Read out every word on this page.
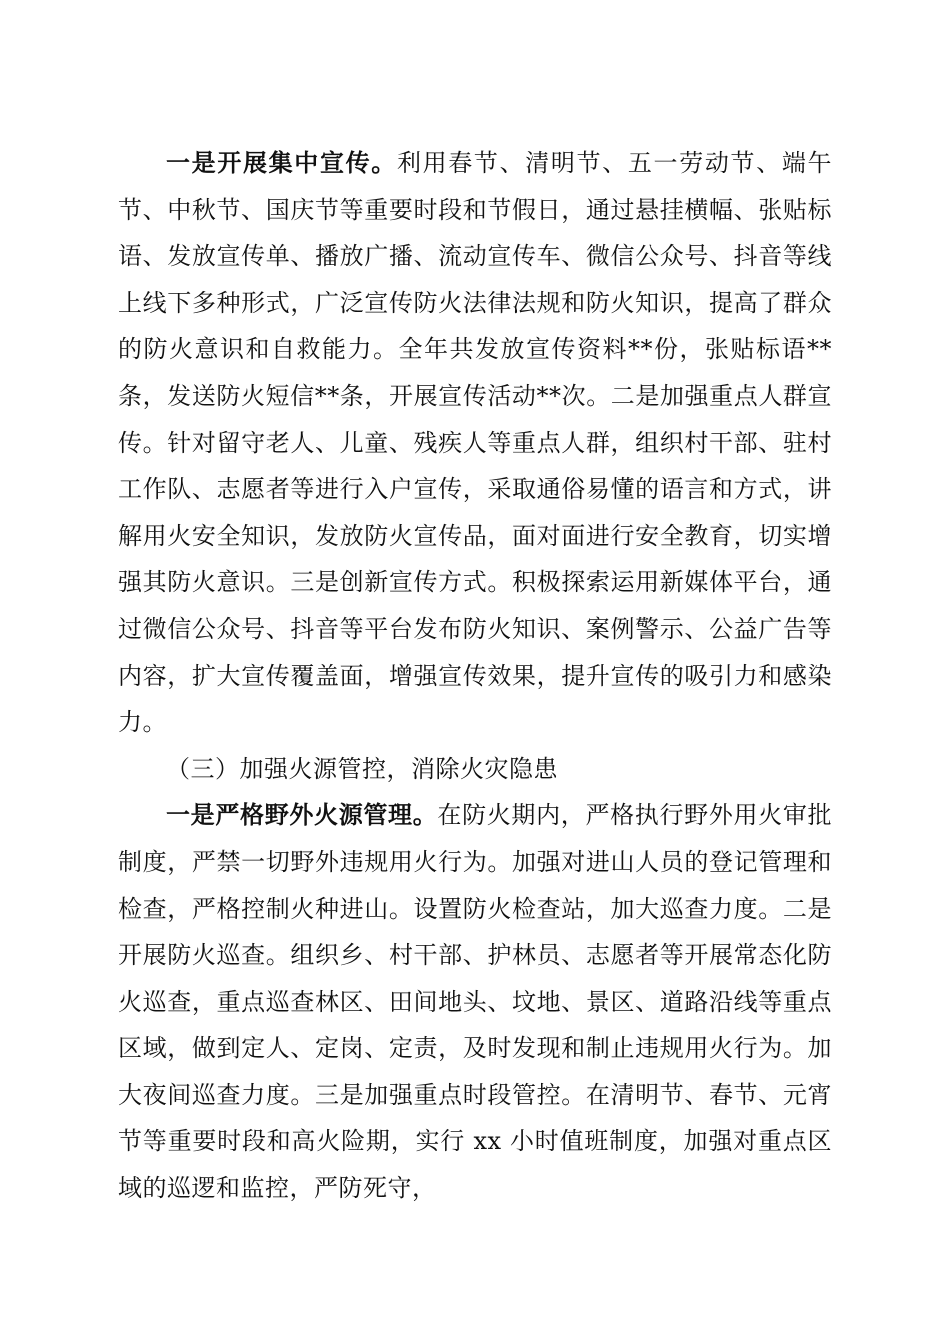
一是开展集中宣传。利用春节、清明节、五一劳动节、端午节、中秋节、国庆节等重要时段和节假日，通过悬挂横幅、张贴标语、发放宣传单、播放广播、流动宣传车、微信公众号、抖音等线上线下多种形式，广泛宣传防火法律法规和防火知识，提高了群众的防火意识和自救能力。全年共发放宣传资料**份，张贴标语**条，发送防火短信**条，开展宣传活动**次。二是加强重点人群宣传。针对留守老人、儿童、残疾人等重点人群，组织村干部、驻村工作队、志愿者等进行入户宣传，采取通俗易懂的语言和方式，讲解用火安全知识，发放防火宣传品，面对面进行安全教育，切实增强其防火意识。三是创新宣传方式。积极探索运用新媒体平台，通过微信公众号、抖音等平台发布防火知识、案例警示、公益广告等内容，扩大宣传覆盖面，增强宣传效果，提升宣传的吸引力和感染力。

（三）加强火源管控，消除火灾隐患

一是严格野外火源管理。在防火期内，严格执行野外用火审批制度，严禁一切野外违规用火行为。加强对进山人员的登记管理和检查，严格控制火种进山。设置防火检查站，加大巡查力度。二是开展防火巡查。组织乡、村干部、护林员、志愿者等开展常态化防火巡查，重点巡查林区、田间地头、坟地、景区、道路沿线等重点区域，做到定人、定岗、定责，及时发现和制止违规用火行为。加大夜间巡查力度。三是加强重点时段管控。在清明节、春节、元宵节等重要时段和高火险期，实行 xx 小时值班制度，加强对重点区域的巡逻和监控，严防死守，
